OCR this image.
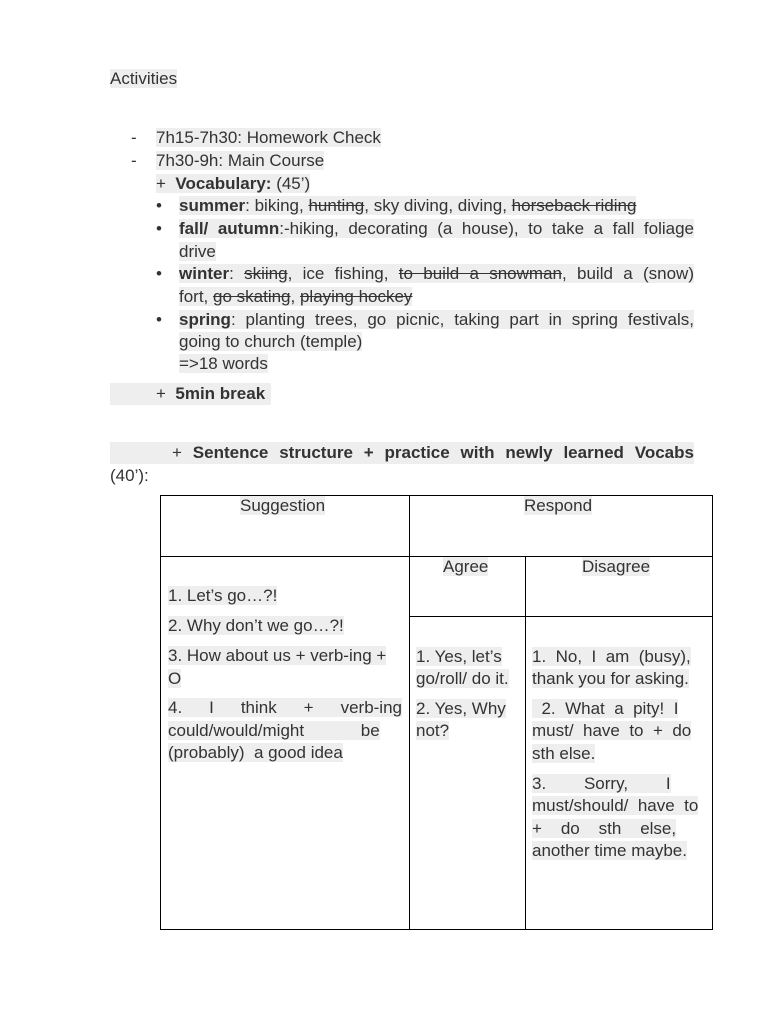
Activities
- 7h15-7h30: Homework Check
- 7h30-9h: Main Course
+ Vocabulary: (45’)
• summer: biking, hunting, sky diving, diving, horseback riding
• fall/ autumn:-hiking, decorating (a house), to take a fall foliage
drive
• winter: skiing, ice fishing, to build a snowman, build a (snow)
fort, go skating, playing hockey
• spring: planting trees, go picnic, taking part in spring festivals,
going to church (temple)
=>18 words
+ 5min break
+ Sentence structure + practice with newly learned Vocabs
(40’):
Suggestion	Respond
Agree	Disagree
1. Let’s go…?!
2. Why don’t we go…?!
3. How about us + verb-ing +
O
4.   I   think   +   verb-ing
could/would/might            be
(probably)  a good idea
1. Yes, let’s
go/roll/ do it.
2. Yes, Why
not?
1.  No,  I  am  (busy),
thank you for asking.
2.  What  a  pity!  I
must/  have  to  +  do
sth else.
3.        Sorry,        I
must/should/  have  to
+    do    sth    else,
another time maybe.
